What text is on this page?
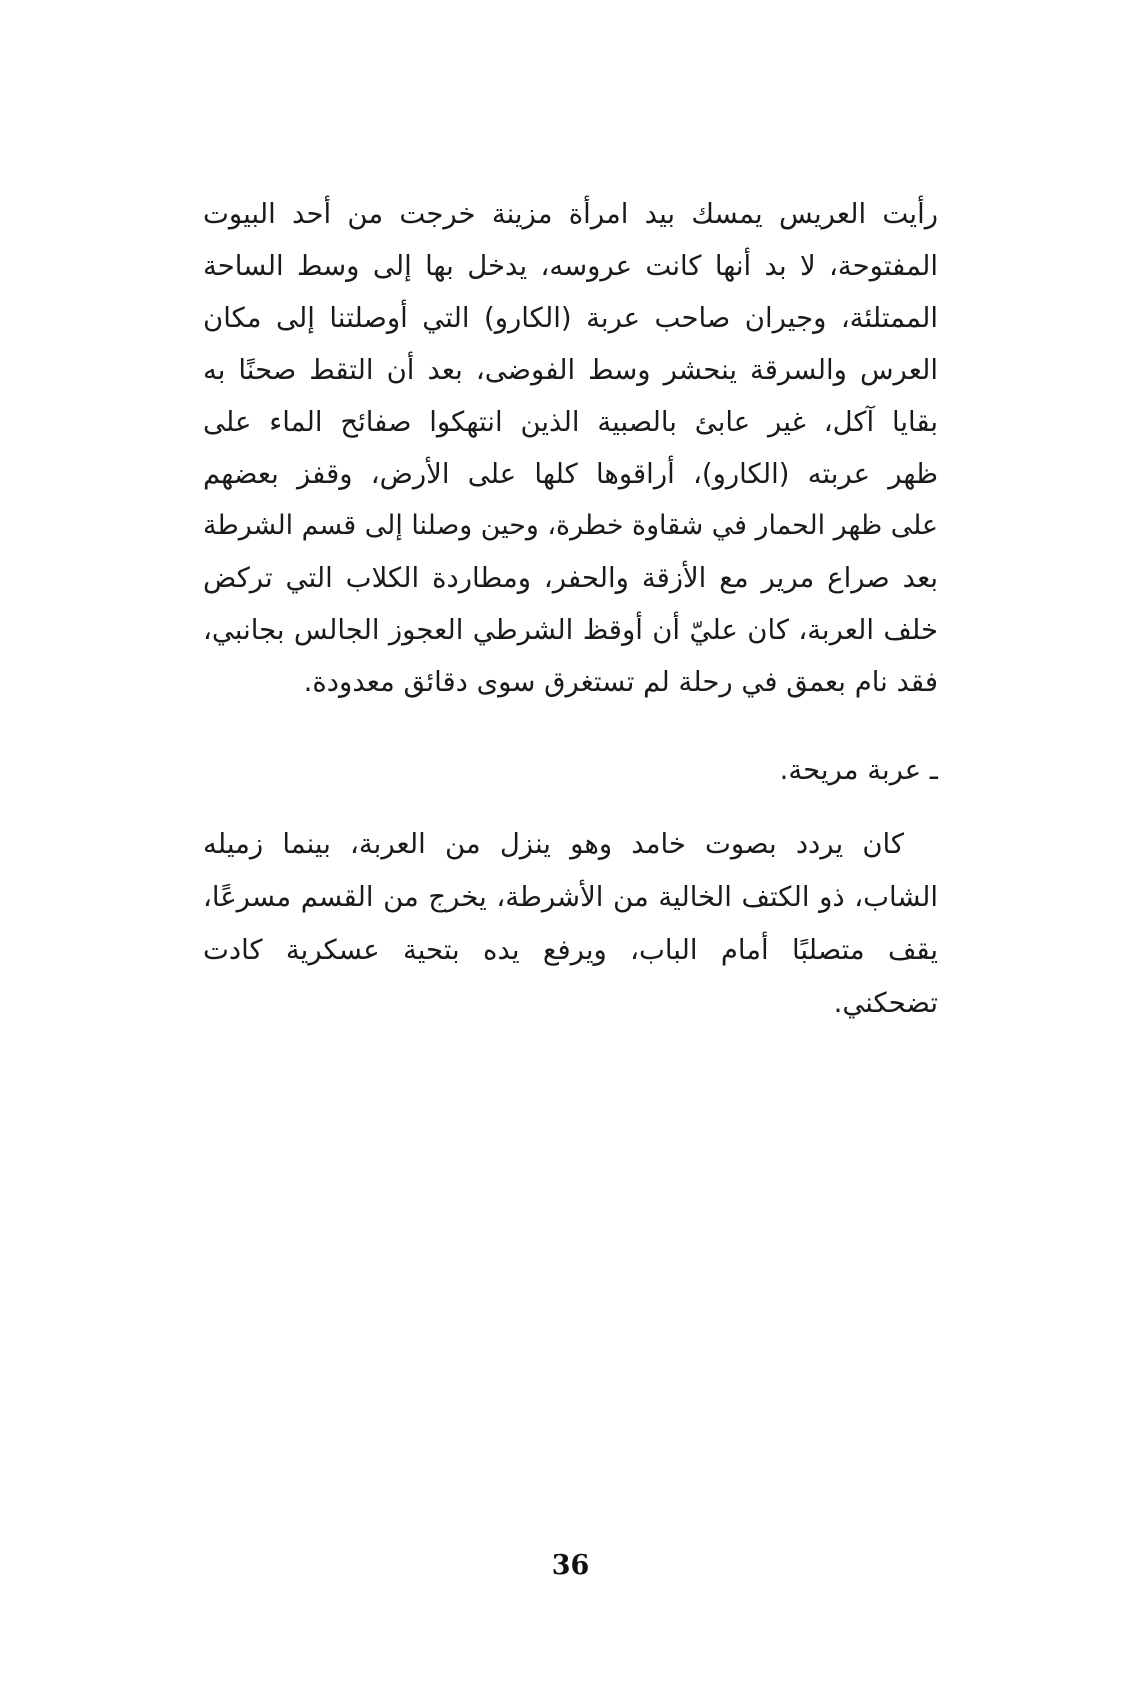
رأيت العريس يمسك بيد امرأة مزينة خرجت من أحد البيوت
المفتوحة، لا بد أنها كانت عروسه، يدخل بها إلى وسط الساحة
الممتلئة، وجيران صاحب عربة (الكارو) التي أوصلتنا إلى مكان
العرس والسرقة ينحشر وسط الفوضى، بعد أن التقط صحنًا به
بقايا آكل، غير عابئ بالصبية الذين انتهكوا صفائح الماء على
ظهر عربته (الكارو)، أراقوها كلها على الأرض، وقفز بعضهم
على ظهر الحمار في شقاوة خطرة، وحين وصلنا إلى قسم الشرطة
بعد صراع مرير مع الأزقة والحفر، ومطاردة الكلاب التي تركض
خلف العربة، كان عليّ أن أوقظ الشرطي العجوز الجالس بجانبي،
فقد نام بعمق في رحلة لم تستغرق سوى دقائق معدودة.
ـ عربة مريحة.
كان يردد بصوت خامد وهو ينزل من العربة، بينما زميله
الشاب، ذو الكتف الخالية من الأشرطة، يخرج من القسم مسرعًا،
يقف متصلبًا أمام الباب، ويرفع يده بتحية عسكرية كادت
تضحكني.
36
